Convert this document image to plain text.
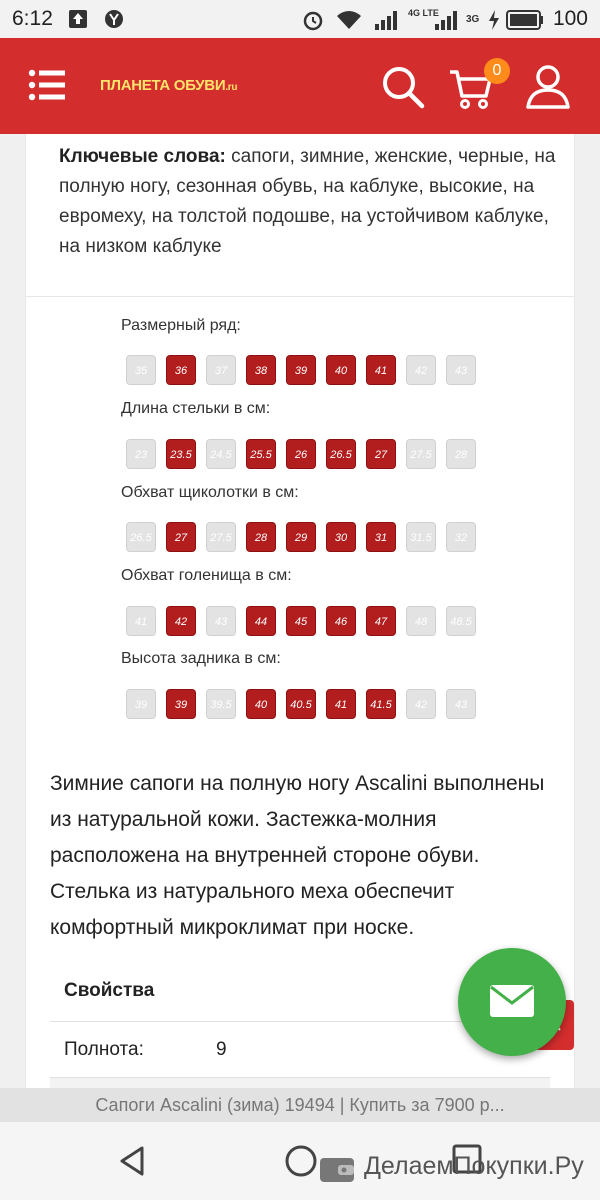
6:12	4G LTE
3G	100
ПЛАНЕТА ОБУВИ.ru
0
Ключевые слова: сапоги, зимние, женские, черные, на полную ногу, сезонная обувь, на каблуке, высокие, на евромеху, на толстой подошве, на устойчивом каблуке, на низком каблуке
Размерный ряд:
35	36	37	38	39	40	41	42	43
Длина стельки в см:
23	23.5	24.5	25.5	26	26.5	27	27.5	28
Обхват щиколотки в см:
26.5	27	27.5	28	29	30	31	31.5	32
Обхват голенища в см:
41	42	43	44	45	46	47	48	48.5
Высота задника в см:
39	39	39.5	40	40.5	41	41.5	42	43
Зимние сапоги на полную ногу Ascalini выполнены из натуральной кожи. Застежка-молния расположена на внутренней стороне обуви. Стелька из натурального меха обеспечит комфортный микроклимат при носке.
Свойства
Полнота:	9
Сапоги Ascalini (зима) 19494 | Купить за 7900 р...
ДелаемПокупки.Ру
